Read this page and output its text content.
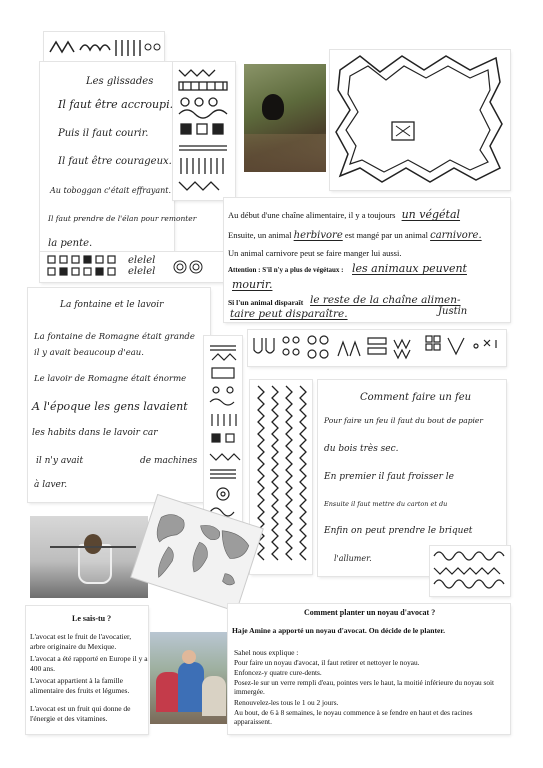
Les glissades
Il faut être accroupi.
Puis il faut courir.
Il faut être courageux.
Au toboggan c'était effrayant.
Il faut prendre de l'élan pour remonter
la pente.
elelel elelel
Au début d'une chaîne alimentaire, il y a toujours un végétal
Ensuite, un animal herbivore est mangé par un animal carnivore.
Un animal carnivore peut se faire manger lui aussi.
Attention : S'il n'y a plus de végétaux : les animaux peuvent
mourir.
Si l'un animal disparaît le reste de la chaîne alimen-
taire peut disparaître.	Justin
La fontaine et le lavoir
La fontaine de Romagne était grande
il y avait beaucoup d'eau.
Le lavoir de Romagne était énorme
A l'époque les gens lavaient
les habits dans le lavoir car
il n'y avait	de machines
à laver.
Comment faire un feu
Pour faire un feu il faut du bout de papier
du bois très sec.
En premier il faut froisser le
Ensuite il faut mettre du carton et du
Enfin on peut prendre le briquet
l'allumer.
Le sais-tu ?
L'avocat est le fruit de l'avocatier, arbre originaire du Mexique.
L'avocat a été rapporté en Europe il y a 400 ans.
L'avocat appartient à la famille alimentaire des fruits et légumes.
L'avocat est un fruit qui donne de l'énergie et des vitamines.
Comment planter un noyau d'avocat ?
Haje Amine a apporté un noyau d'avocat. On décide de le planter.
Sahel nous explique :
Pour faire un noyau d'avocat, il faut retirer et nettoyer le noyau.
Enfoncez-y quatre cure-dents.
Posez-le sur un verre rempli d'eau, pointes vers le haut, la moitié inférieure du noyau soit immergée.
Renouvelez-les tous le 1 ou 2 jours.
Au bout, de 6 à 8 semaines, le noyau commence à se fendre en haut et des racines apparaissent.
